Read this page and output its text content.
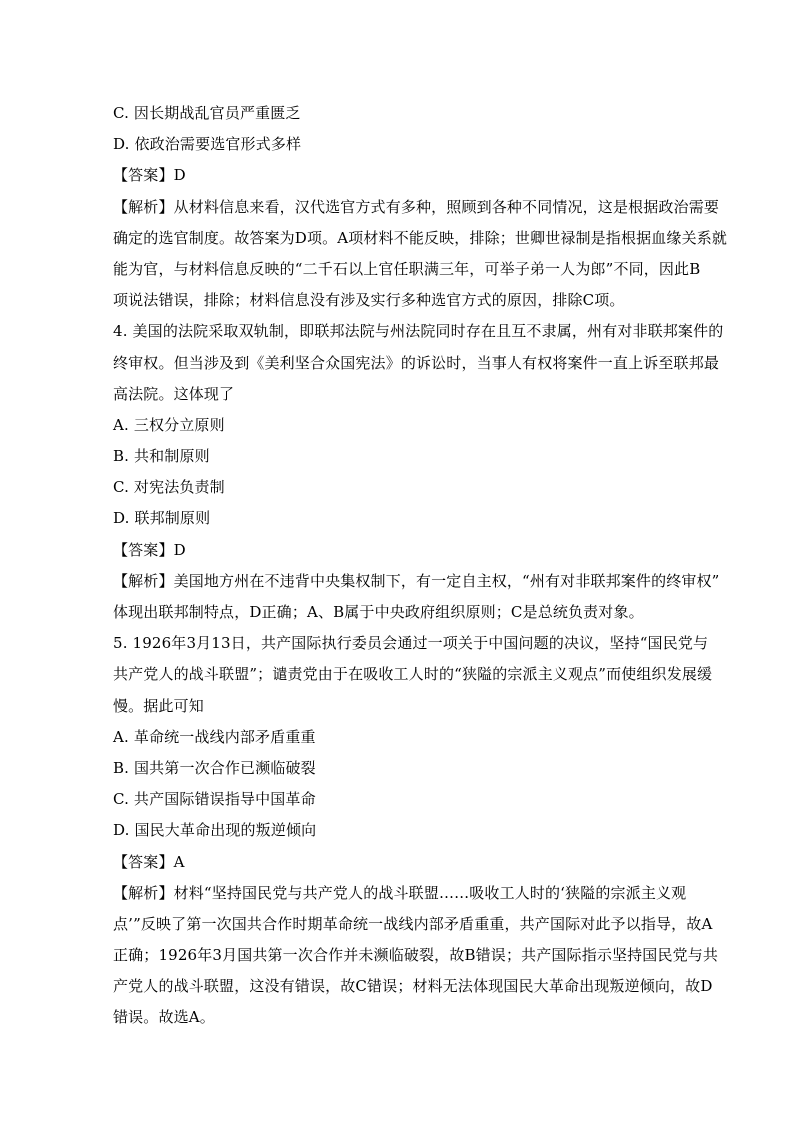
C. 因长期战乱官员严重匮乏
D. 依政治需要选官形式多样
【答案】D
【解析】从材料信息来看，汉代选官方式有多种，照顾到各种不同情况，这是根据政治需要
确定的选官制度。故答案为D项。A项材料不能反映，排除；世卿世禄制是指根据血缘关系就
能为官，与材料信息反映的“二千石以上官任职满三年，可举子弟一人为郎”不同，因此B
项说法错误，排除；材料信息没有涉及实行多种选官方式的原因，排除C项。
4. 美国的法院采取双轨制，即联邦法院与州法院同时存在且互不隶属，州有对非联邦案件的
终审权。但当涉及到《美利坚合众国宪法》的诉讼时，当事人有权将案件一直上诉至联邦最
高法院。这体现了
A. 三权分立原则
B. 共和制原则
C. 对宪法负责制
D. 联邦制原则
【答案】D
【解析】美国地方州在不违背中央集权制下，有一定自主权，“州有对非联邦案件的终审权”
体现出联邦制特点，D正确；A、B属于中央政府组织原则；C是总统负责对象。
5. 1926年3月13日，共产国际执行委员会通过一项关于中国问题的决议，坚持“国民党与
共产党人的战斗联盟”；谴责党由于在吸收工人时的“狭隘的宗派主义观点”而使组织发展缓
慢。据此可知
A. 革命统一战线内部矛盾重重
B. 国共第一次合作已濒临破裂
C. 共产国际错误指导中国革命
D. 国民大革命出现的叛逆倾向
【答案】A
【解析】材料“坚持国民党与共产党人的战斗联盟……吸收工人时的‘狭隘的宗派主义观
点’”反映了第一次国共合作时期革命统一战线内部矛盾重重，共产国际对此予以指导，故A
正确；1926年3月国共第一次合作并未濒临破裂，故B错误；共产国际指示坚持国民党与共
产党人的战斗联盟，这没有错误，故C错误；材料无法体现国民大革命出现叛逆倾向，故D
错误。故选A。
